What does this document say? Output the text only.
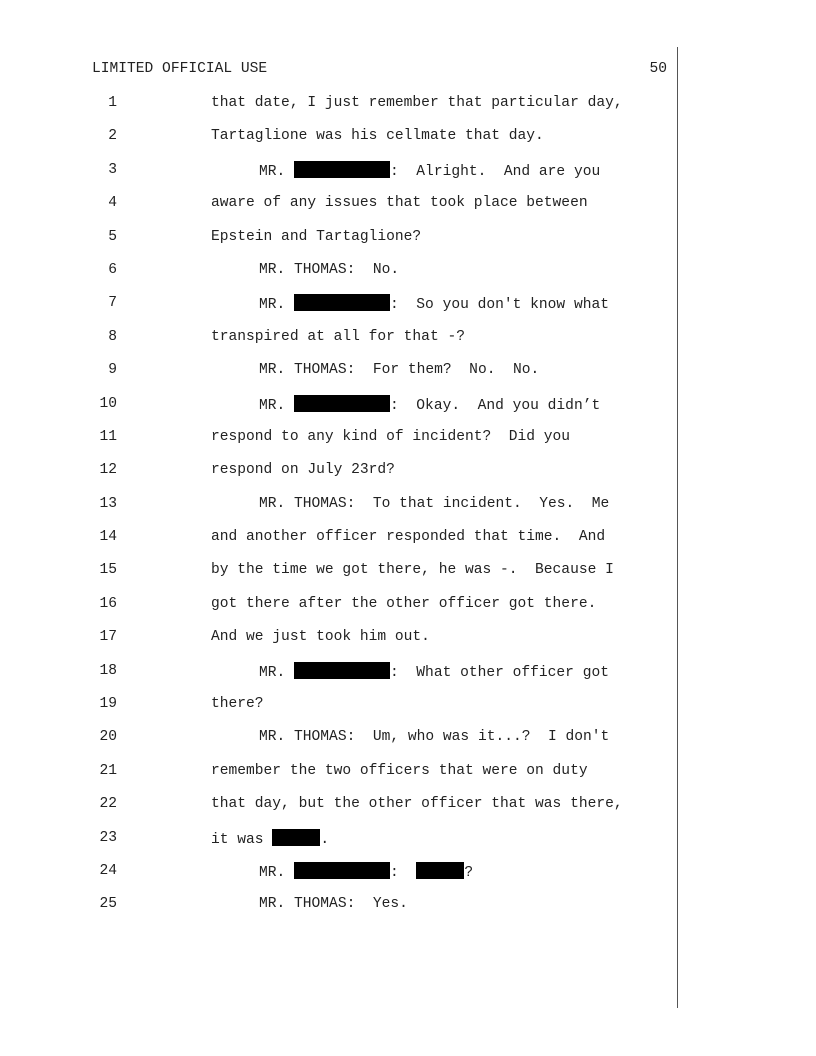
LIMITED OFFICIAL USE	50

1

	that date, I just remember that particular day,

2

	Tartaglione was his cellmate that day.

3

	MR.	:  Alright.  And are you

4

	aware of any issues that took place between

5

	Epstein and Tartaglione?

6

	MR. THOMAS:  No.

7

	MR.	:  So you don't know what

8

	transpired at all for that -?

9

	MR. THOMAS:  For them?  No.  No.

10

	MR.	:  Okay.  And you didn’t

11

	respond to any kind of incident?  Did you

12

	respond on July 23rd?

13

	MR. THOMAS:  To that incident.  Yes.  Me

14

	and another officer responded that time.  And

15

	by the time we got there, he was -.  Because I

16

	got there after the other officer got there.

17

	And we just took him out.

18

	MR.	:  What other officer got

19

	there?

20

	MR. THOMAS:  Um, who was it...?  I don't

21

	remember the two officers that were on duty

22

	that day, but the other officer that was there,

23

	it was	.

24

	MR.	:	?

25

	MR. THOMAS:  Yes.
